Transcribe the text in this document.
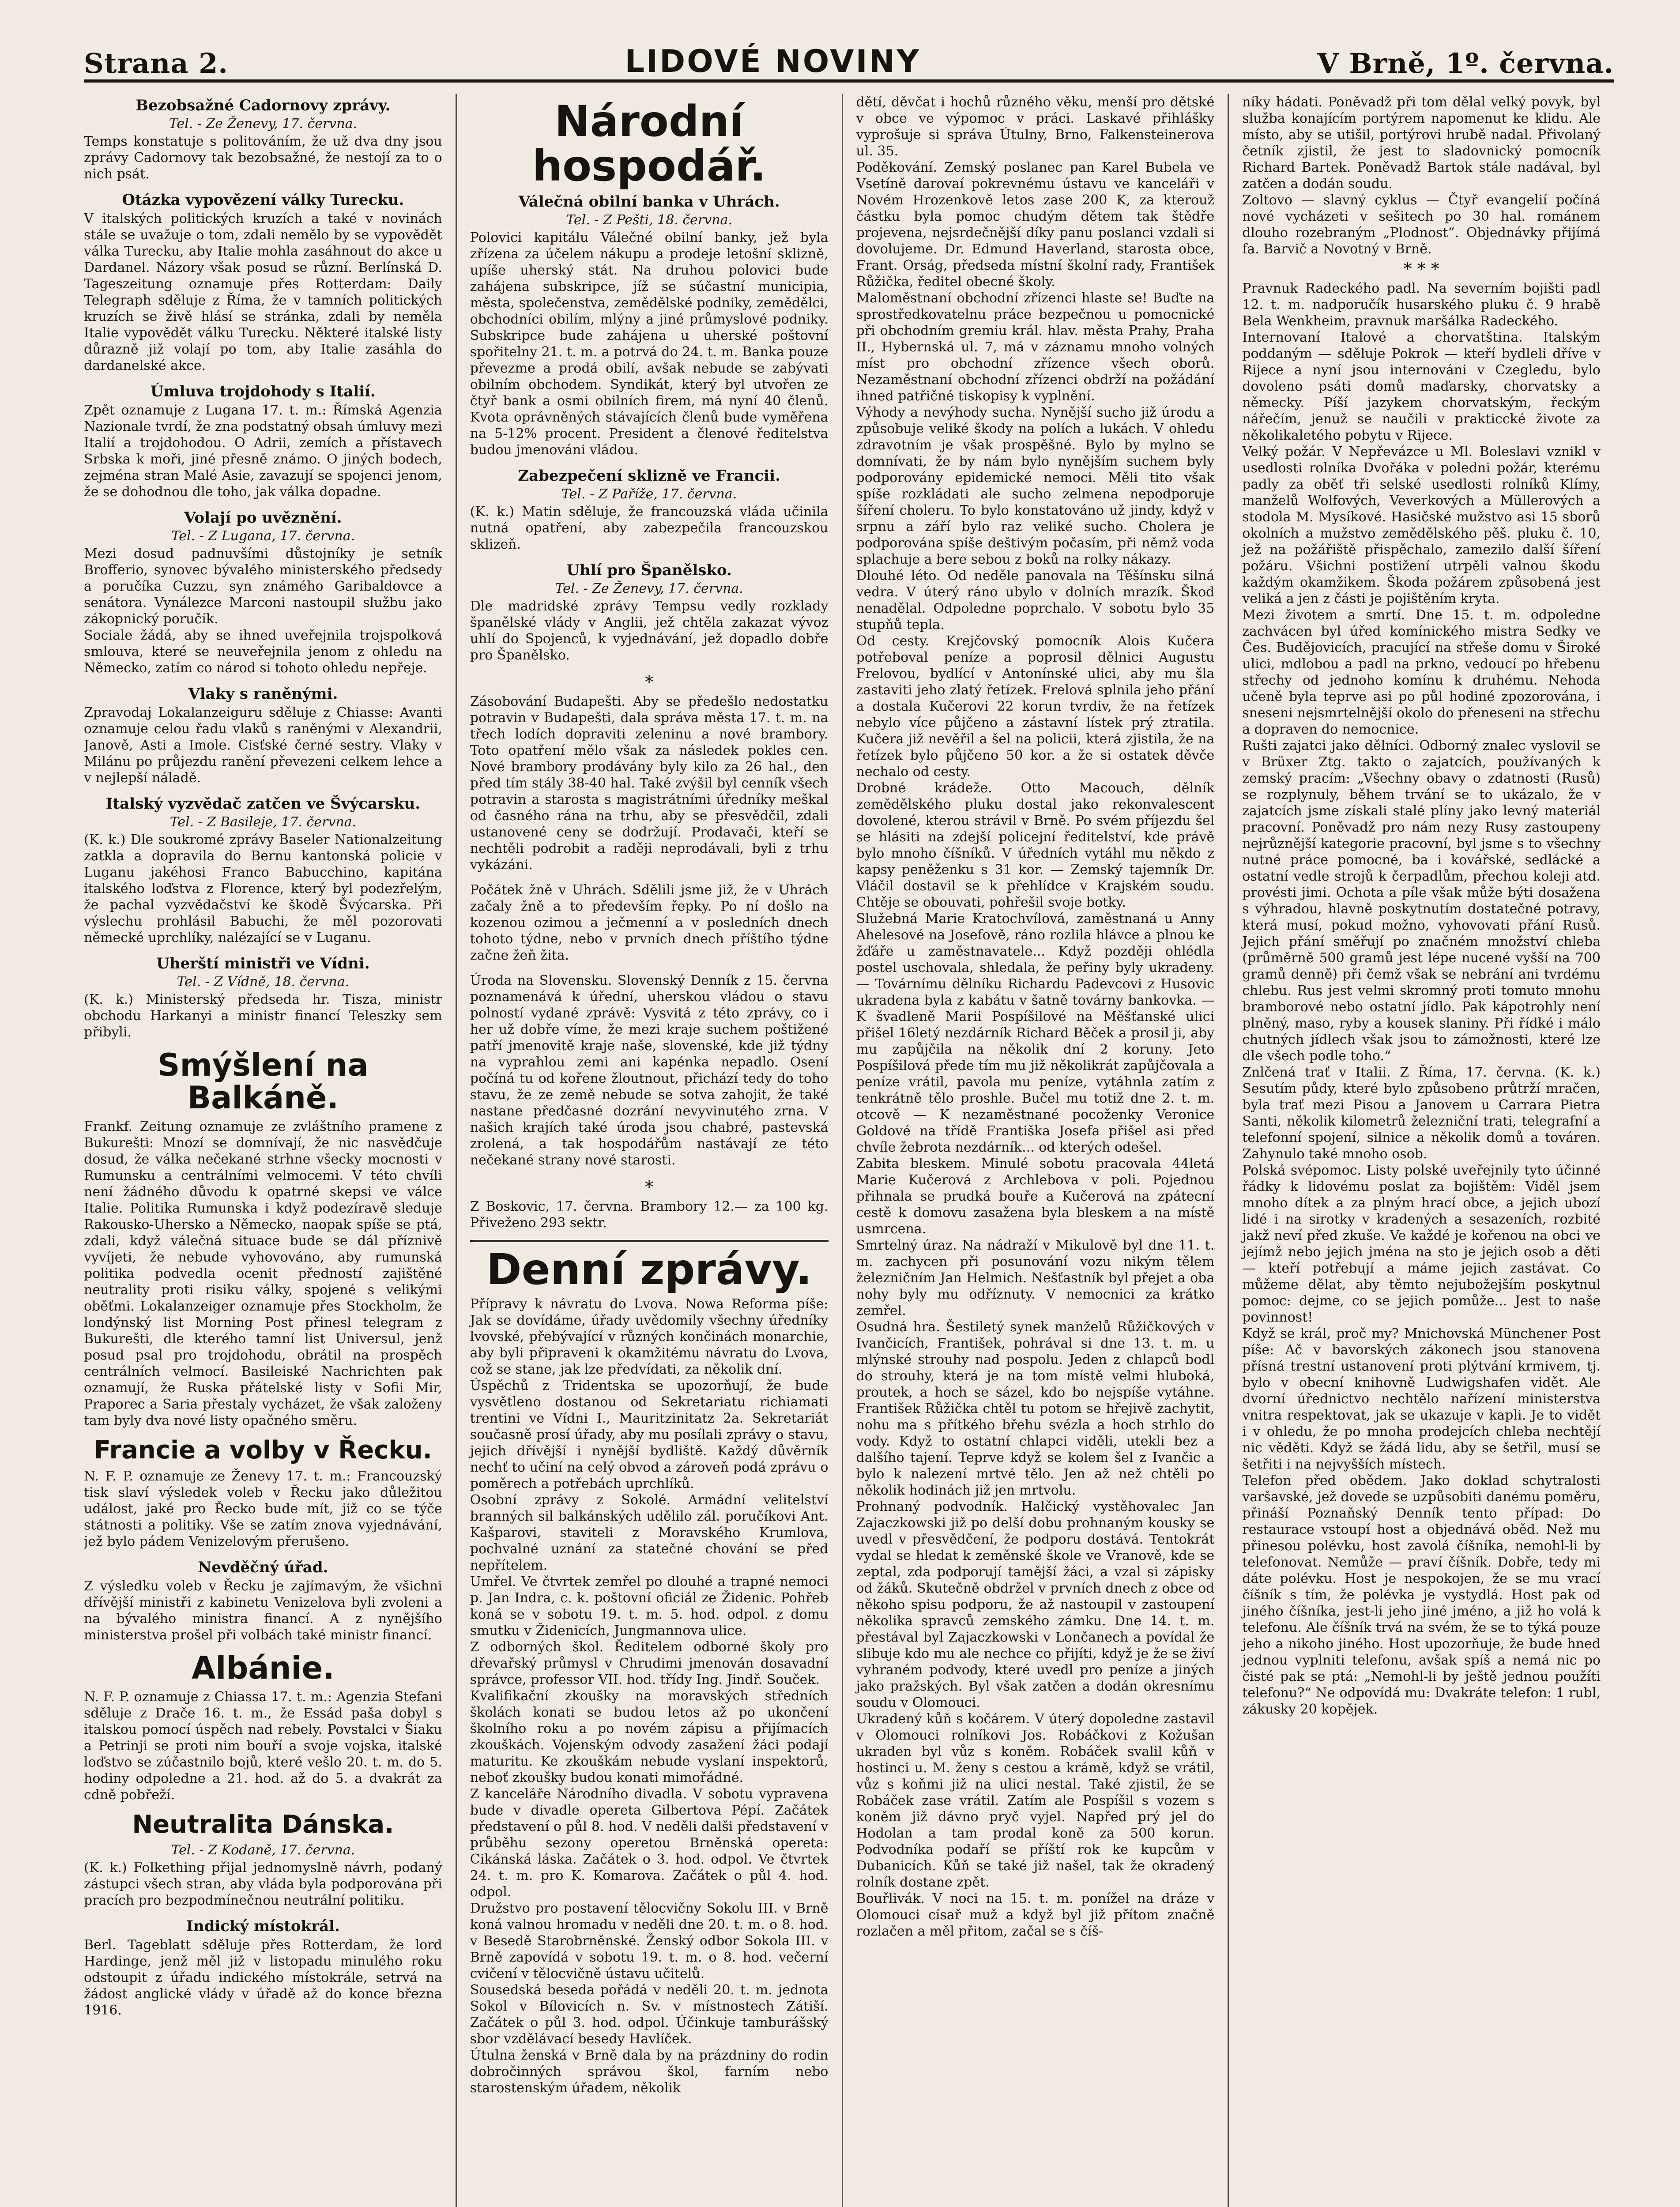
Strana 2.	LIDOVÉ NOVINY	V Brně, 1º. června.

Bezobsažné Cadornovy zprávy.

Tel. - Ze Ženevy, 17. června.

Temps konstatuje s politováním, že už dva dny jsou zprávy Cadornovy tak bezobsažné, že nestojí za to o nich psát.

Otázka vypovězení války Turecku.

V italských politických kruzích a také v novinách stále se uvažuje o tom, zdali nemělo by se vypovědět válka Turecku, aby Italie mohla zasáhnout do akce u Dardanel. Názory však posud se různí. Berlínská D. Tageszeitung oznamuje přes Rotterdam: Daily Telegraph sděluje z Říma, že v tamních politických kruzích se živě hlásí se stránka, zdali by neměla Italie vypovědět válku Turecku. Některé italské listy důrazně již volají po tom, aby Italie zasáhla do dardanelské akce.

Úmluva trojdohody s Italií.

Zpět oznamuje z Lugana 17. t. m.: Římská Agenzia Nazionale tvrdí, že zna podstatný obsah úmluvy mezi Italií a trojdohodou. O Adrii, zemích a přístavech Srbska k moři, jiné přesně známo. O jiných bodech, zejména stran Malé Asie, zavazují se spojenci jenom, že se dohodnou dle toho, jak válka dopadne.

Volají po uvěznění.

Tel. - Z Lugana, 17. června.

Mezi dosud padnuvšími důstojníky je setník Brofferio, synovec bývalého ministerského předsedy a poručíka Cuzzu, syn známého Garibaldovce a senátora. Vynálezce Marconi nastoupil službu jako zákopnický poručík.

Sociale žádá, aby se ihned uveřejnila trojspolková smlouva, které se neuveřejnila jenom z ohledu na Německo, zatím co národ si tohoto ohledu nepřeje.

Vlaky s raněnými.

Zpravodaj Lokalanzeiguru sděluje z Chiasse: Avanti oznamuje celou řadu vlaků s raněnými v Alexandrii, Janově, Asti a Imole. Cisťské černé sestry. Vlaky v Milánu po průjezdu ranění převezeni celkem lehce a v nejlepší náladě.

Italský vyzvědač zatčen ve Švýcarsku.

Tel. - Z Basileje, 17. června.

(K. k.) Dle soukromé zprávy Baseler Nationalzeitung zatkla a dopravila do Bernu kantonská policie v Luganu jakéhosi Franco Babucchino, kapitána italského loďstva z Florence, který byl podezřelým, že pachal vyzvědačství ke škodě Švýcarska. Při výslechu prohlásil Babuchi, že měl pozorovati německé uprchlíky, nalézající se v Luganu.

Uherští ministři ve Vídni.

Tel. - Z Vídně, 18. června.

(K. k.) Ministerský předseda hr. Tisza, ministr obchodu Harkanyi a ministr financí Teleszky sem přibyli.

Smýšlení na Balkáně.

Frankf. Zeitung oznamuje ze zvláštního pramene z Bukurešti: Mnozí se domnívají, že nic nasvědčuje dosud, že válka nečekané strhne všecky mocnosti v Rumunsku a centrálními velmocemi. V této chvíli není žádného důvodu k opatrné skepsi ve válce Italie. Politika Rumunska i když podezíravě sleduje Rakousko-Uhersko a Německo, naopak spíše se ptá, zdali, když válečná situace bude se dál příznivě vyvíjeti, že nebude vyhovováno, aby rumunská politika podvedla ocenit předností zajištěné neutrality proti risiku války, spojené s velikými oběťmi. Lokalanzeiger oznamuje přes Stockholm, že londýnský list Morning Post přinesl telegram z Bukurešti, dle kterého tamní list Universul, jenž posud psal pro trojdohodu, obrátil na prospěch centrálních velmocí. Basileiské Nachrichten pak oznamují, že Ruska přátelské listy v Sofii Mir, Praporec a Saria přestaly vycházet, že však založeny tam byly dva nové listy opačného směru.

Francie a volby v Řecku.

N. F. P. oznamuje ze Ženevy 17. t. m.: Francouzský tisk slaví výsledek voleb v Řecku jako důležitou událost, jaké pro Řecko bude mít, již co se týče státnosti a politiky. Vše se zatím znova vyjednávání, jež bylo pádem Venizelovým přerušeno.

Nevděčný úřad.

Z výsledku voleb v Řecku je zajímavým, že všichni dřívější ministři z kabinetu Venizelova byli zvoleni a na bývalého ministra financí. A z nynějšího ministerstva prošel při volbách také ministr financí.

Albánie.

N. F. P. oznamuje z Chiassa 17. t. m.: Agenzia Stefani sděluje z Drače 16. t. m., že Essád paša dobyl s italskou pomocí úspěch nad rebely. Povstalci v Šiaku a Petrinji se proti nim bouří a svoje vojska, italské loďstvo se zúčastnilo bojů, které vešlo 20. t. m. do 5. hodiny odpoledne a 21. hod. až do 5. a dvakrát za cdně pobřeží.

Neutralita Dánska.

Tel. - Z Kodaně, 17. června.

(K. k.) Folkething přijal jednomyslně návrh, podaný zástupci všech stran, aby vláda byla podporována při pracích pro bezpodmínečnou neutrální politiku.

Indický místokrál.

Berl. Tageblatt sděluje přes Rotterdam, že lord Hardinge, jenž měl již v listopadu minulého roku odstoupit z úřadu indického místokrále, setrvá na žádost anglické vlády v úřadě až do konce března 1916.

Národní hospodář.

Válečná obilní banka v Uhrách.

Tel. - Z Pešti, 18. června.

Polovici kapitálu Válečné obilní banky, jež byla zřízena za účelem nákupu a prodeje letošní sklizně, upíše uherský stát. Na druhou polovici bude zahájena subskripce, jíž se súčastní municipia, města, společenstva, zemědělské podniky, zemědělci, obchodníci obilím, mlýny a jiné průmyslové podniky. Subskripce bude zahájena u uherské poštovní spořitelny 21. t. m. a potrvá do 24. t. m. Banka pouze převezme a prodá obilí, avšak nebude se zabývati obilním obchodem. Syndikát, který byl utvořen ze čtyř bank a osmi obilních firem, má nyní 40 členů. Kvota oprávněných stávajících členů bude vyměřena na 5-12% procent. President a členové ředitelstva budou jmenováni vládou.

Zabezpečení sklizně ve Francii.

Tel. - Z Paříže, 17. června.

(K. k.) Matin sděluje, že francouzská vláda učinila nutná opatření, aby zabezpečila francouzskou sklizeň.

Uhlí pro Španělsko.

Tel. - Ze Ženevy, 17. června.

Dle madridské zprávy Tempsu vedly rozklady španělské vlády v Anglii, jež chtěla zakazat vývoz uhlí do Spojenců, k vyjednávání, jež dopadlo dobře pro Španělsko.

*

Zásobování Budapešti. Aby se předešlo nedostatku potravin v Budapešti, dala správa města 17. t. m. na třech lodích dopraviti zeleninu a nové brambory. Toto opatření mělo však za následek pokles cen. Nové brambory prodávány byly kilo za 26 hal., den před tím stály 38-40 hal. Také zvýšil byl cenník všech potravin a starosta s magistrátními úředníky meškal od časného rána na trhu, aby se přesvědčil, zdali ustanovené ceny se dodržují. Prodavači, kteří se nechtěli podrobit a raději neprodávali, byli z trhu vykázáni.

Počátek žně v Uhrách. Sdělili jsme již, že v Uhrách začaly žně a to především řepky. Po ní došlo na kozenou ozimou a ječmenní a v posledních dnech tohoto týdne, nebo v prvních dnech příštího týdne začne žeň žita.

Úroda na Slovensku. Slovenský Denník z 15. června poznamenává k úřední, uherskou vládou o stavu polností vydané zprávě: Vysvitá z této zprávy, co i her už dobře víme, že mezi kraje suchem poštižené patří jmenovitě kraje naše, slovenské, kde již týdny na vyprahlou zemi ani kapénka nepadlo. Osení počíná tu od kořene žloutnout, přichází tedy do toho stavu, že ze země nebude se sotva zahojit, že také nastane předčasné dozrání nevyvinutého zrna. V našich krajích také úroda jsou chabré, pastevská zrolená, a tak hospodářům nastávají ze této nečekané strany nové starosti.

*

Z Boskovic, 17. června. Brambory 12.— za 100 kg. Přiveženo 293 sektr.

Denní zprávy.

Přípravy k návratu do Lvova. Nowa Reforma píše: Jak se dovídáme, úřady uvědomily všechny úředníky lvovské, přebývající v různých končinách monarchie, aby byli připraveni k okamžitému návratu do Lvova, což se stane, jak lze předvídati, za několik dní.

Úspěchů z Tridentska se upozorňují, že bude vysvětleno dostanou od Sekretariatu richiamati trentini ve Vídni I., Mauritzinitatz 2a. Sekretariát současně prosí úřady, aby mu posílali zprávy o stavu, jejich dřívější i nynější bydliště. Každý důvěrník nechť to učiní na celý obvod a zároveň podá zprávu o poměrech a potřebách uprchlíků.

Osobní zprávy z Sokolé. Armádní velitelství branných sil balkánských udělilo zál. poručíkovi Ant. Kašparovi, staviteli z Moravského Krumlova, pochvalné uznání za statečné chování se před nepřítelem.

Umřel. Ve čtvrtek zemřel po dlouhé a trapné nemoci p. Jan Indra, c. k. poštovní oficiál ze Židenic. Pohřeb koná se v sobotu 19. t. m. 5. hod. odpol. z domu smutku v Židenicích, Jungmannova ulice.

Z odborných škol. Ředitelem odborné školy pro dřevařský průmysl v Chrudimi jmenován dosavadní správce, professor VII. hod. třídy Ing. Jindř. Souček.

Kvalifikační zkoušky na moravských středních školách konati se budou letos až po ukončení školního roku a po novém zápisu a přijímacích zkouškách. Vojenským odvody zasažení žáci podají maturitu. Ke zkouškám nebude vyslaní inspektorů, neboť zkoušky budou konati mimořádné.

Z kanceláře Národního divadla. V sobotu vypravena bude v divadle opereta Gilbertova Pépí. Začátek představení o půl 8. hod. V neděli dalši představení v průběhu sezony operetou Brněnská opereta: Cikánská láska. Začátek o 3. hod. odpol. Ve čtvrtek 24. t. m. pro K. Komarova. Začátek o půl 4. hod. odpol.

Družstvo pro postavení tělocvičny Sokolu III. v Brně koná valnou hromadu v neděli dne 20. t. m. o 8. hod. v Besedě Starobrněnské. Ženský odbor Sokola III. v Brně zapovídá v sobotu 19. t. m. o 8. hod. večerní cvičení v tělocvičně ústavu učitelů.

Sousedská beseda pořádá v neděli 20. t. m. jednota Sokol v Bílovicích n. Sv. v místnostech Zátiší. Začátek o půl 3. hod. odpol. Účinkuje tamburášský sbor vzdělávací besedy Havlíček.

Útulna ženská v Brně dala by na prázdniny do rodin dobročinných správou škol, farním nebo starostenským úřadem, několik

dětí, děvčat i hochů různého věku, menší pro dětské v obce ve výpomoc v práci. Laskavé přihlášky vyprošuje si správa Útulny, Brno, Falkensteinerova ul. 35.

Poděkování. Zemský poslanec pan Karel Bubela ve Vsetíně darovaí pokrevnému ústavu ve kanceláři v Novém Hrozenkově letos zase 200 K, za kterouž částku byla pomoc chudým dětem tak štědře projevena, nejsrdečnější díky panu poslanci vzdali si dovolujeme. Dr. Edmund Haverland, starosta obce, Frant. Orság, předseda místní školní rady, František Růžička, ředitel obecné školy.

Maloměstnaní obchodní zřízenci hlaste se! Buďte na sprostředkovatelnu práce bezpečnou u pomocnické při obchodním gremiu král. hlav. města Prahy, Praha II., Hybernská ul. 7, má v záznamu mnoho volných míst pro obchodní zřízence všech oborů. Nezaměstnaní obchodní zřízenci obdrží na požádání ihned patřičné tiskopisy k vyplnění.

Výhody a nevýhody sucha. Nynější sucho již úrodu a způsobuje veliké škody na polích a lukách. V ohledu zdravotním je však prospěšné. Bylo by mylno se domnívati, že by nám bylo nynějším suchem byly podporovány epidemické nemoci. Měli tito však spíše rozkládati ale sucho zelmena nepodporuje šíření choleru. To bylo konstatováno už jindy, když v srpnu a září bylo raz veliké sucho. Cholera je podporována spíše deštivým počasím, při němž voda splachuje a bere sebou z boků na rolky nákazy.

Dlouhé léto. Od neděle panovala na Těšínsku silná vedra. V úterý ráno ubylo v dolních mrazík. Škod nenadělal. Odpoledne poprchalo. V sobotu bylo 35 stupňů tepla.

Od cesty. Krejčovský pomocník Alois Kučera potřeboval peníze a poprosil dělnici Augustu Frelovou, bydlící v Antonínské ulici, aby mu šla zastaviti jeho zlatý řetízek. Frelová splnila jeho přání a dostala Kučerovi 22 korun tvrdiv, že na řetízek nebylo více půjčeno a zástavní lístek prý ztratila. Kučera již nevěřil a šel na policii, která zjistila, že na řetízek bylo půjčeno 50 kor. a že si ostatek děvče nechalo od cesty.

Drobné krádeže. Otto Macouch, dělník zemědělského pluku dostal jako rekonvalescent dovolené, kterou strávil v Brně. Po svém příjezdu šel se hlásiti na zdejší policejní ředitelství, kde právě bylo mnoho číšníků. V úředních vytáhl mu někdo z kapsy peněženku s 31 kor. — Zemský tajemník Dr. Vláčil dostavil se k přehlídce v Krajském soudu. Chtěje se obouvati, pohřešil svoje botky.

Služebná Marie Kratochvílová, zaměstnaná u Anny Ahelesové na Josefově, ráno rozlila hlávce a plnou ke žďáře u zaměstnavatele... Když později ohlédla postel uschovala, shledala, že peřiny byly ukradeny. — Továrnímu dělníku Richardu Padevcovi z Husovic ukradena byla z kabátu v šatně továrny bankovka. — K švadleně Marii Pospíšilové na Měšťanské ulici přišel 16letý nezdárník Richard Běček a prosil ji, aby mu zapůjčila na několik dní 2 koruny. Jeto Pospíšilová přede tím mu již několikrát zapůjčovala a peníze vrátil, pavola mu peníze, vytáhnla zatím z tenkrátně tělo proshle. Bučel mu totiž dne 2. t. m. otcově — K nezaměstnané pocoženky Veronice Goldové na třídě Františka Josefa přišel asi před chvíle žebrota nezdárník... od kterých odešel.

Zabita bleskem. Minulé sobotu pracovala 44letá Marie Kučerová z Archlebova v poli. Pojednou přihnala se prudká bouře a Kučerová na zpátecní cestě k domovu zasažena byla bleskem a na místě usmrcena.

Smrtelný úraz. Na nádraží v Mikulově byl dne 11. t. m. zachycen při posunování vozu nikým tělem železničním Jan Helmich. Nešťastník byl přejet a oba nohy byly mu odříznuty. V nemocnici za krátko zemřel.

Osudná hra. Šestiletý synek manželů Růžičkových v Ivančicích, František, pohrával si dne 13. t. m. u mlýnské strouhy nad pospolu. Jeden z chlapců bodl do strouhy, která je na tom místě velmi hluboká, proutek, a hoch se sázel, kdo bo nejspíše vytáhne. František Růžička chtěl tu potom se hřejivě zachytit, nohu ma s přítkého břehu svézla a hoch strhlo do vody. Když to ostatní chlapci viděli, utekli bez a dalšího tajení. Teprve když se kolem šel z Ivančic a bylo k nalezení mrtvé tělo. Jen až než chtěli po několik hodinách již jen mrtvolu.

Prohnaný podvodník. Halčický vystěhovalec Jan Zajaczkowski již po delší dobu prohnaným kousky se uvedl v přesvědčení, že podporu dostává. Tentokrát vydal se hledat k zeměnské škole ve Vranově, kde se zeptal, zda podporují tamější žáci, a vzal si zápisky od žáků. Skutečně obdržel v prvních dnech z obce od někoho spisu podporu, že až nastoupil v zastoupení několika spravců zemského zámku. Dne 14. t. m. přestával byl Zajaczkowski v Lončanech a povídal že slibuje kdo mu ale nechce co přijíti, když je že se živí vyhraném podvody, které uvedl pro peníze a jiných jako pražských. Byl však zatčen a dodán okresnímu soudu v Olomouci.

Ukradený kůň s kočárem. V úterý dopoledne zastavil v Olomouci rolníkovi Jos. Robáčkovi z Kožušan ukraden byl vůz s koněm. Robáček svalil kůň v hostinci u. M. ženy s cestou a krámě, když se vrátil, vůz s koňmi již na ulici nestal. Také zjistil, že se Robáček zase vrátil. Zatím ale Pospíšil s vozem s koněm již dávno pryč vyjel. Napřed prý jel do Hodolan a tam prodal koně za 500 korun. Podvodníka podaří se příští rok ke kupcům v Dubanicích. Kůň se také již našel, tak že okradený rolník dostane zpět.

Bouřlivák. V noci na 15. t. m. ponížel na dráze v Olomouci císař muž a když byl již přítom značně rozlačen a měl přitom, začal se s číš-

níky hádati. Poněvadž při tom dělal velký povyk, byl služba konajícím portýrem napomenut ke klidu. Ale místo, aby se utišil, portýrovi hrubě nadal. Přivolaný četník zjistil, že jest to sladovnický pomocník Richard Bartek. Poněvadž Bartok stále nadával, byl zatčen a dodán soudu.

Zoltovo — slavný cyklus — Čtyř evangelií počíná nové vycházeti v sešitech po 30 hal. románem dlouho rozebraným „Plodnost“. Objednávky přijímá fa. Barvič a Novotný v Brně.

* * *

Pravnuk Radeckého padl. Na severním bojišti padl 12. t. m. nadporučík husarského pluku č. 9 hrabě Bela Wenkheim, pravnuk maršálka Radeckého.

Internovaní Italové a chorvatština. Italským poddaným — sděluje Pokrok — kteří bydleli dříve v Rijece a nyní jsou internováni v Czegledu, bylo dovoleno psáti domů maďarsky, chorvatsky a německy. Píší jazykem chorvatským, řeckým nářečím, jenuž se naučili v prakticcké živote za několikaletého pobytu v Rijece.

Velký požár. V Nepřevázce u Ml. Boleslavi vznikl v usedlosti rolníka Dvořáka v poledni požár, kterému padly za oběť tři selské usedlosti rolníků Klímy, manželů Wolfových, Veverkových a Müllerových a stodola M. Mysíkové. Hasičské mužstvo asi 15 sborů okolních a mužstvo zemědělského pěš. pluku č. 10, jež na požářiště přispěchalo, zamezilo další šíření požáru. Všichni postižení utrpěli valnou škodu každým okamžikem. Škoda požárem způsobená jest veliká a jen z části je pojištěním kryta.

Mezi životem a smrtí. Dne 15. t. m. odpoledne zachvácen byl úřed komínického mistra Sedky ve Čes. Budějovicích, pracující na střeše domu v Široké ulici, mdlobou a padl na prkno, vedoucí po hřebenu střechy od jednoho komínu k druhému. Nehoda učeně byla teprve asi po půl hodiné zpozorována, i sneseni nejsmrtelnější okolo do přeneseni na střechu a dopraven do nemocnice.

Rušti zajatci jako dělníci. Odborný znalec vyslovil se v Brüxer Ztg. takto o zajatcích, používaných k zemský pracím: „Všechny obavy o zdatnosti (Rusů) se rozplynuly, během trvání se to ukázalo, že v zajatcích jsme získali stalé plíny jako levný materiál pracovní. Poněvadž pro nám nezy Rusy zastoupeny nejrůznější kategorie pracovní, byl jsme s to všechny nutné práce pomocné, ba i kovářské, sedlácké a ostatní vedle strojů k čerpadlům, přechou koleji atd. provésti jimi. Ochota a píle však může býti dosažena s výhradou, hlavně poskytnutím dostatečné potravy, která musí, pokud možno, vyhovovati přání Rusů. Jejich přání směřují po značném množství chleba (průměrně 500 gramů jest lépe nucené vyšší na 700 gramů denně) při čemž však se nebrání ani tvrdému chlebu. Rus jest velmi skromný proti tomuto mnohu bramborové nebo ostatní jídlo. Pak kápotrohly není plněný, maso, ryby a kousek slaniny. Při řídké i málo chutných jídlech však jsou to zámožnosti, které lze dle všech podle toho.“

Znlčená trať v Italii. Z Říma, 17. června. (K. k.) Sesutím půdy, které bylo způsobeno průtrží mračen, byla trať mezi Pisou a Janovem u Carrara Pietra Santi, několik kilometrů železniční trati, telegrafní a telefonní spojení, silnice a několik domů a továren. Zahynulo také mnoho osob.

Polská svépomoc. Listy polské uveřejnily tyto účinné řádky k lidovému poslat za bojištěm: Viděl jsem mnoho dítek a za plným hrací obce, a jejich ubozí lidé i na sirotky v kradených a sesazeních, rozbité jakž neví před zkuše. Ve každé je kořenou na obci ve jejímž nebo jejich jména na sto je jejich osob a děti — kteří potřebují a máme jejich zastávat. Co můžeme dělat, aby těmto nejubožejším poskytnul pomoc: dejme, co se jejich pomůže... Jest to naše povinnost!

Když se král, proč my? Mnichovská Münchener Post píše: Ač v bavorských zákonech jsou stanovena přísná trestní ustanovení proti plýtvání krmivem, tj. bylo v obecní knihovně Ludwigshafen vidět. Ale dvorní úřednictvo nechtělo nařízení ministerstva vnitra respektovat, jak se ukazuje v kapli. Je to vidět i v ohledu, že po mnoha prodejcích chleba nechtějí nic věděti. Když se žádá lidu, aby se šetřil, musí se šetřiti i na nejvyšších místech.

Telefon před obědem. Jako doklad schytralosti varšavské, jež dovede se uzpůsobiti danému poměru, přináší Poznaňský Denník tento případ: Do restaurace vstoupí host a objednává oběd. Než mu přinesou polévku, host zavolá číšníka, nemohl-li by telefonovat. Nemůže — praví číšník. Dobře, tedy mi dáte polévku. Host je nespokojen, že se mu vrací číšník s tím, že polévka je vystydlá. Host pak od jiného číšníka, jest-li jeho jiné jméno, a již ho volá k telefonu. Ale číšník trvá na svém, že se to týká pouze jeho a nikoho jiného. Host upozorňuje, že bude hned jednou vyplniti telefonu, avšak spíš a nemá nic po čisté pak se ptá: „Nemohl-li by ještě jednou použíti telefonu?“ Ne odpovídá mu: Dvakráte telefon: 1 rubl, zákusky 20 kopějek.
